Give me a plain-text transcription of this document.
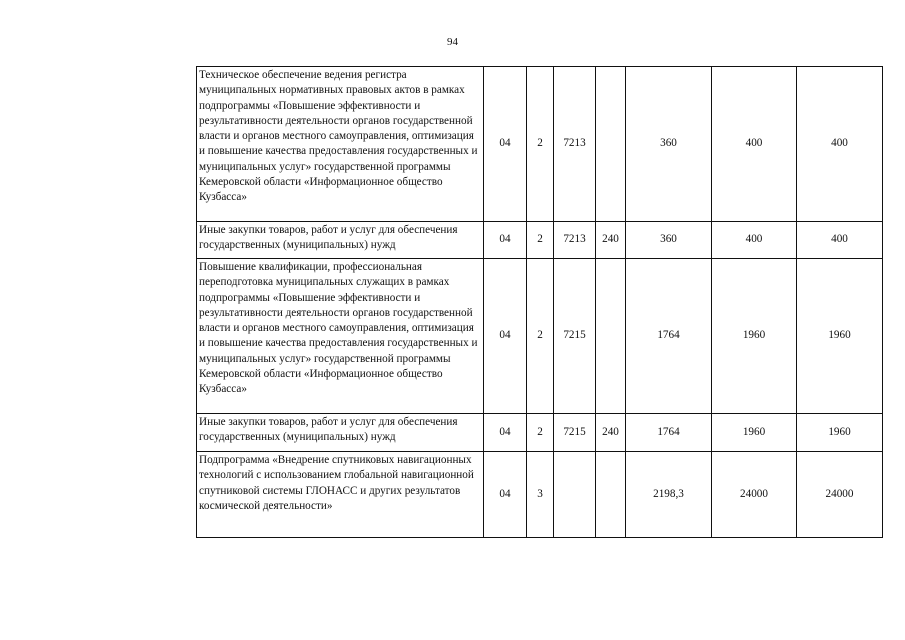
94
Техническое обеспечение ведения регистра муниципальных нормативных правовых актов в рамках подпрограммы «Повышение эффективности и результативности деятельности органов государственной власти и органов местного самоуправления, оптимизация и повышение качества предоставления государственных и муниципальных услуг» государственной программы Кемеровской области «Информационное общество Кузбасса»	04	2	7213		360	400	400
Иные закупки товаров, работ и услуг для обеспечения государственных (муниципальных) нужд	04	2	7213	240	360	400	400
Повышение квалификации, профессиональная переподготовка муниципальных служащих в рамках подпрограммы «Повышение эффективности и результативности деятельности органов государственной власти и органов местного самоуправления, оптимизация и повышение качества предоставления государственных и муниципальных услуг» государственной программы Кемеровской области «Информационное общество Кузбасса»	04	2	7215		1764	1960	1960
Иные закупки товаров, работ и услуг для обеспечения государственных (муниципальных) нужд	04	2	7215	240	1764	1960	1960
Подпрограмма «Внедрение спутниковых навигационных технологий с использованием глобальной навигационной спутниковой системы ГЛОНАСС и других результатов космической деятельности»	04	3			2198,3	24000	24000
